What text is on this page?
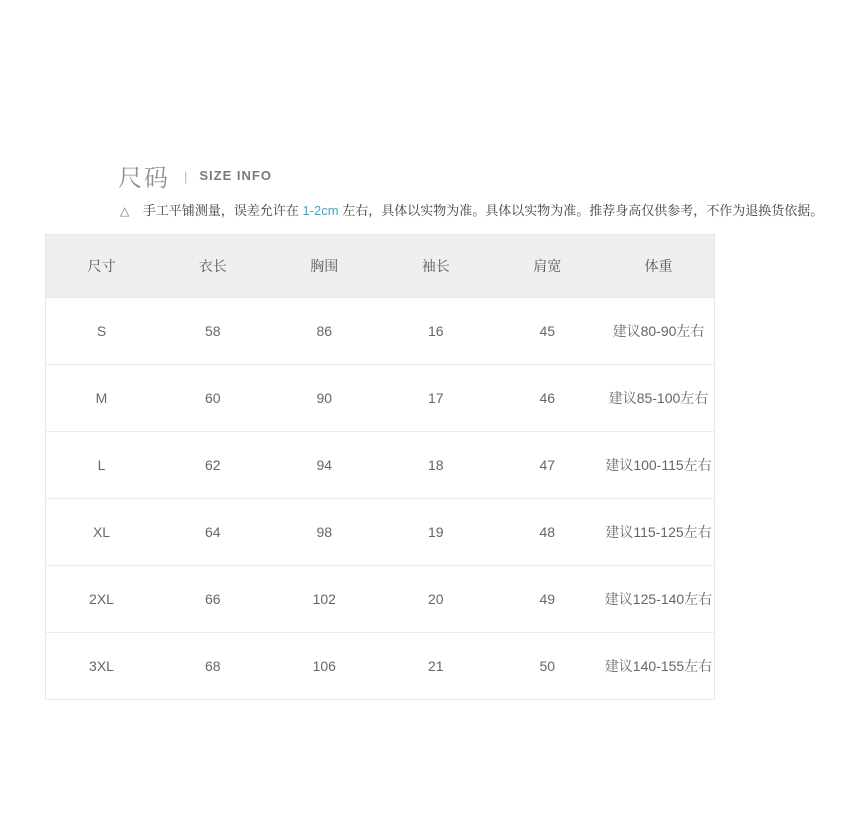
尺码 | SIZE INFO
△ 手工平铺测量，误差允许在 1-2cm 左右，具体以实物为准。具体以实物为准。推荐身高仅供参考，不作为退换货依据。
尺寸	衣长	胸围	袖长	肩宽	体重
S	58	86	16	45	建议80-90左右
M	60	90	17	46	建议85-100左右
L	62	94	18	47	建议100-115左右
XL	64	98	19	48	建议115-125左右
2XL	66	102	20	49	建议125-140左右
3XL	68	106	21	50	建议140-155左右
